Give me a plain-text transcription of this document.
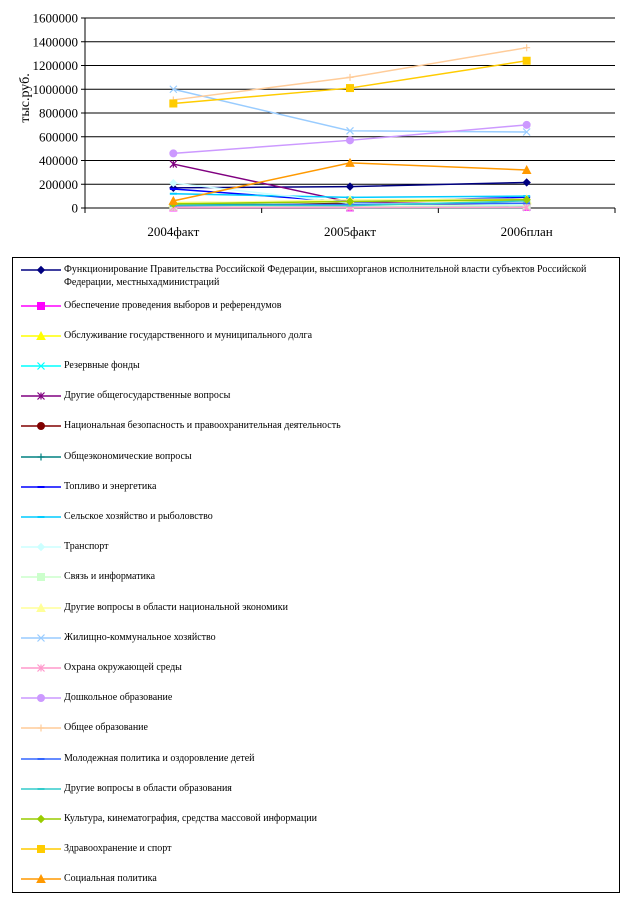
0
200000
400000
600000
800000
1000000
1200000
1400000
1600000
2004факт	2005факт	2006план
тыс.руб.
Функционирование Правительства Российской Федерации, высшихорганов исполнительной власти субъектов Российской Федерации, местныхадминистраций
Обеспечение проведения выборов и референдумов
Обслуживание государственного и муниципального долга
Резервные фонды
Другие общегосударственные вопросы
Национальная безопасность и правоохранительная деятельность
Общеэкономические вопросы
Топливо и энергетика
Сельское хозяйство и рыболовство
Транспорт
Связь и информатика
Другие вопросы в области национальной экономики
Жилищно-коммунальное хозяйство
Охрана окружающей среды
Дошкольное образование
Общее образование
Молодежная политика и оздоровление детей
Другие вопросы в области образования
Культура, кинематография, средства массовой информации
Здравоохранение и спорт
Социальная политика
